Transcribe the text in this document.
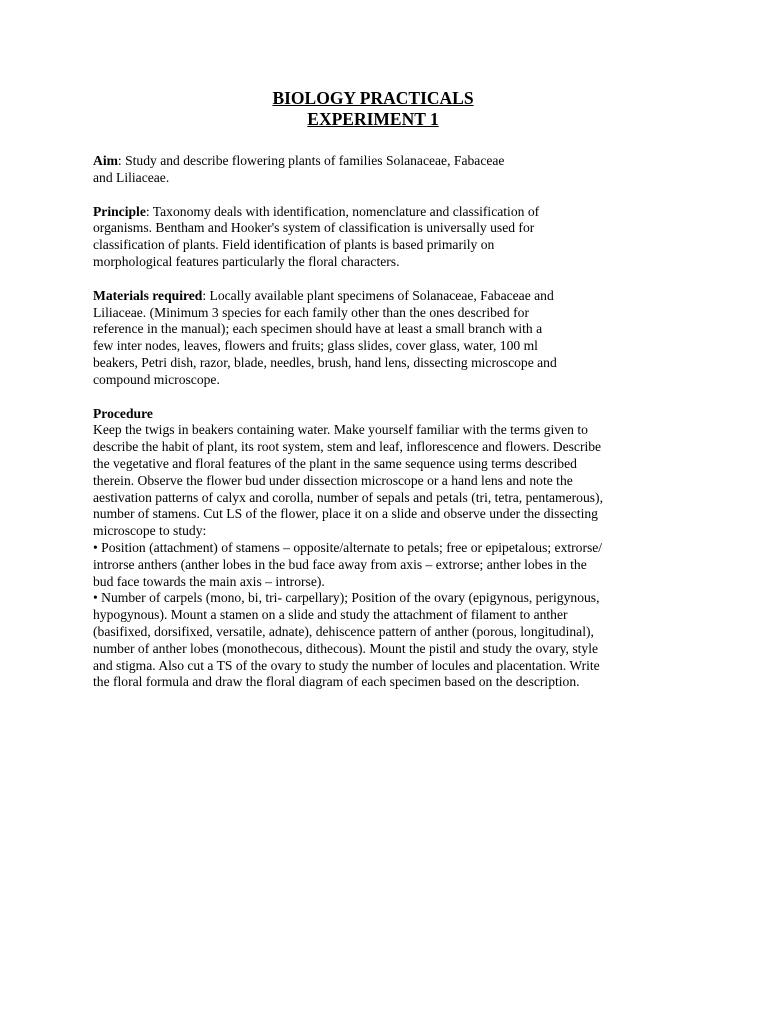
BIOLOGY PRACTICALS

EXPERIMENT 1

Aim: Study and describe flowering plants of families Solanaceae, Fabaceae
and Liliaceae.
Principle: Taxonomy deals with identification, nomenclature and classification of
organisms. Bentham and Hooker's system of classification is universally used for
classification of plants. Field identification of plants is based primarily on
morphological features particularly the floral characters.
Materials required: Locally available plant specimens of Solanaceae, Fabaceae and
Liliaceae. (Minimum 3 species for each family other than the ones described for
reference in the manual); each specimen should have at least a small branch with a
few inter nodes, leaves, flowers and fruits; glass slides, cover glass, water, 100 ml
beakers, Petri dish, razor, blade, needles, brush, hand lens, dissecting microscope and
compound microscope.

Procedure

Keep the twigs in beakers containing water. Make yourself familiar with the terms given to
describe the habit of plant, its root system, stem and leaf, inflorescence and flowers. Describe
the vegetative and floral features of the plant in the same sequence using terms described
therein. Observe the flower bud under dissection microscope or a hand lens and note the
aestivation patterns of calyx and corolla, number of sepals and petals (tri, tetra, pentamerous),
number of stamens. Cut LS of the flower, place it on a slide and observe under the dissecting
microscope to study:
• Position (attachment) of stamens – opposite/alternate to petals; free or epipetalous; extrorse/
introrse anthers (anther lobes in the bud face away from axis – extrorse; anther lobes in the
bud face towards the main axis – introrse).
• Number of carpels (mono, bi, tri- carpellary); Position of the ovary (epigynous, perigynous,
hypogynous). Mount a stamen on a slide and study the attachment of filament to anther
(basifixed, dorsifixed, versatile, adnate), dehiscence pattern of anther (porous, longitudinal),
number of anther lobes (monothecous, dithecous). Mount the pistil and study the ovary, style
and stigma. Also cut a TS of the ovary to study the number of locules and placentation. Write
the floral formula and draw the floral diagram of each specimen based on the description.
